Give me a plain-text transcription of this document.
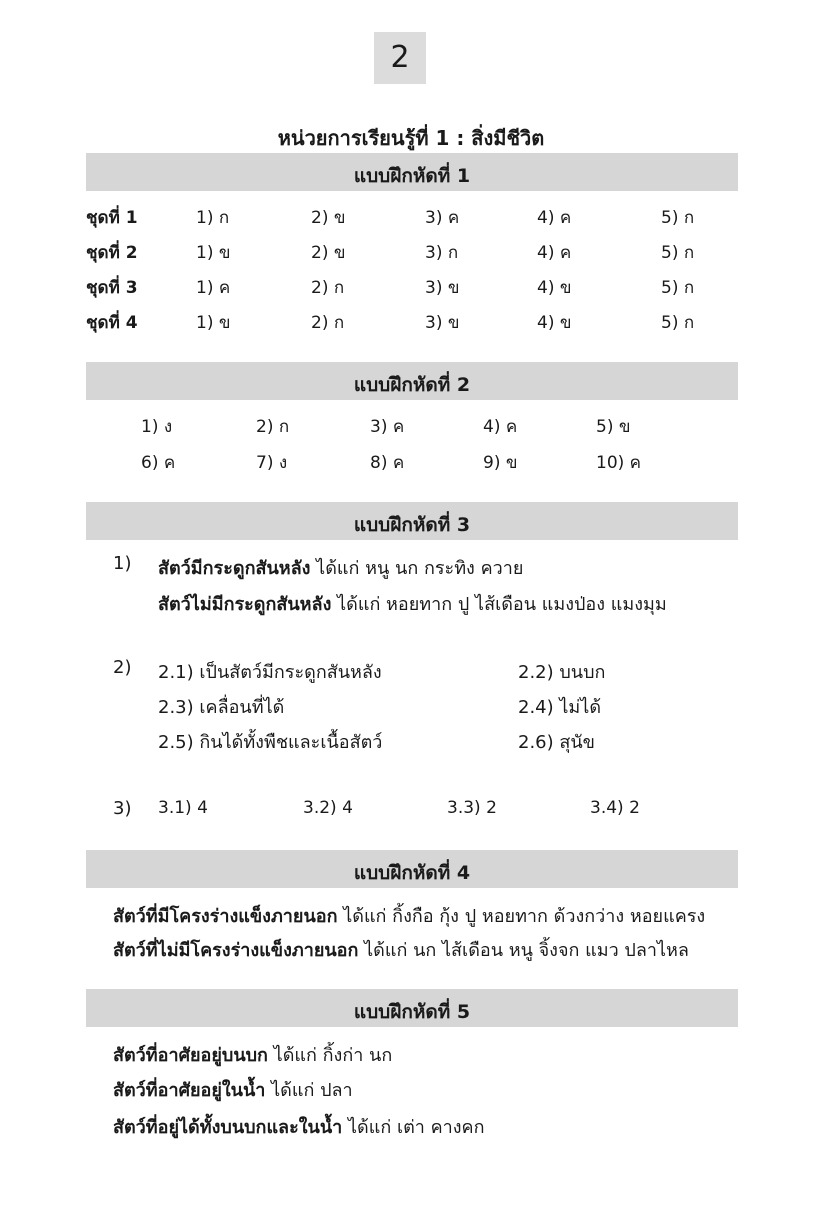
2
หน่วยการเรียนรู้ที่ 1 : สิ่งมีชีวิต
แบบฝึกหัดที่ 1
ชุดที่ 1	1) ก	2) ข	3) ค	4) ค	5) ก
ชุดที่ 2	1) ข	2) ข	3) ก	4) ค	5) ก
ชุดที่ 3	1) ค	2) ก	3) ข	4) ข	5) ก
ชุดที่ 4	1) ข	2) ก	3) ข	4) ข	5) ก
แบบฝึกหัดที่ 2
1) ง	2) ก	3) ค	4) ค	5) ข
6) ค	7) ง	8) ค	9) ข	10) ค
แบบฝึกหัดที่ 3
1) สัตว์มีกระดูกสันหลัง ได้แก่ หนู นก กระทิง ควาย
สัตว์ไม่มีกระดูกสันหลัง ได้แก่ หอยทาก ปู ไส้เดือน แมงป่อง แมงมุม
2) 2.1) เป็นสัตว์มีกระดูกสันหลัง	2.2) บนบก
2.3) เคลื่อนที่ได้	2.4) ไม่ได้
2.5) กินได้ทั้งพืชและเนื้อสัตว์	2.6) สุนัข
3) 3.1) 4	3.2) 4	3.3) 2	3.4) 2
แบบฝึกหัดที่ 4
สัตว์ที่มีโครงร่างแข็งภายนอก ได้แก่ กิ้งกือ กุ้ง ปู หอยทาก ด้วงกว่าง หอยแครง
สัตว์ที่ไม่มีโครงร่างแข็งภายนอก ได้แก่ นก ไส้เดือน หนู จิ้งจก แมว ปลาไหล
แบบฝึกหัดที่ 5
สัตว์ที่อาศัยอยู่บนบก ได้แก่ กิ้งก่า นก
สัตว์ที่อาศัยอยู่ในน้ำ ได้แก่ ปลา
สัตว์ที่อยู่ได้ทั้งบนบกและในน้ำ ได้แก่ เต่า คางคก
